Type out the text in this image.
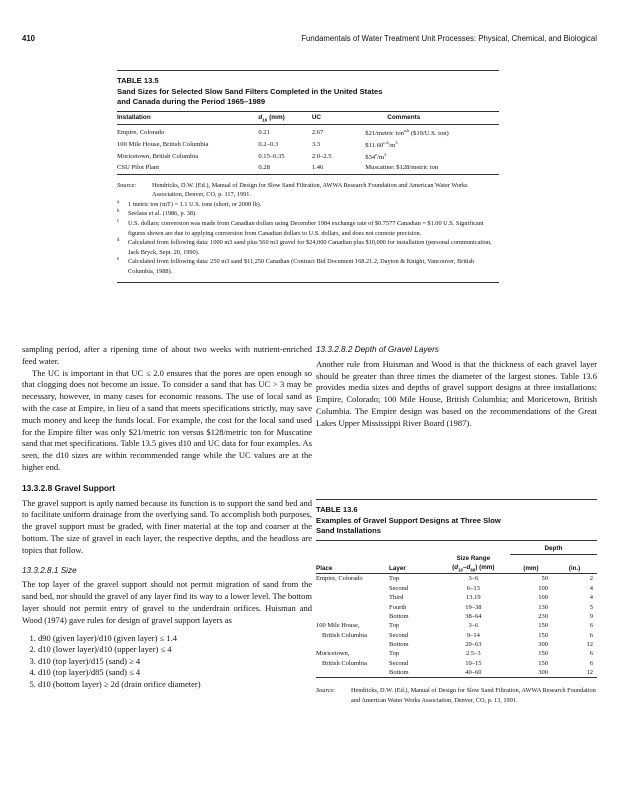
410	Fundamentals of Water Treatment Unit Processes: Physical, Chemical, and Biological
TABLE 13.5
Sand Sizes for Selected Slow Sand Filters Completed in the United States
and Canada during the Period 1965–1989
Installation	$d_{10}$ (mm)	UC	Comments
Empire, Colorado	0.21	2.67	$21/metric ton$^{a,b}$ ($19/U.S. ton)
100 Mile House, British Columbia	0.2–0.3	3.3	$\$11.60^{c,d}/m^3$
Moricetown, British Columbia	0.15–0.35	2.0–2.5	$\$34e/m^3$
CSU Pilot Plant	0.28	1.46	Muscatine: $128/metric ton
Source:	Hendricks, D.W. (Ed.), Manual of Design for Slow Sand Filtration, AWWA Research Foundation and American Water Works Association, Denver, CO, p. 117, 1991.
a 1 metric ton (mT) = 1.1 U.S. tons (short, or 2000 lb).
b Seelaus et al. (1986, p. 38).
c U.S. dollars; conversion was made from Canadian dollars using December 1984 exchange rate of $0.7577 Canadian = $1.00 U.S. Significant figures shown are due to applying conversion from Canadian dollars to U.S. dollars, and does not connote precision.
d Calculated from following data: 1000 m3 sand plus 560 m3 gravel for $24,000 Canadian plus $10,000 for installation (personal communication, Jack Bryck, Sept. 20, 1990).
e Calculated from following data: 250 m3 sand $11,250 Canadian (Contract Bid Document 168.21.2, Dayton & Knight, Vancouver, British Columbia, 1988).

sampling period, after a ripening time of about two weeks with nutrient-enriched feed water.

The UC is important in that UC ≤ 2.0 ensures that the pores are open enough so that clogging does not become an issue. To consider a sand that has UC > 3 may be necessary, however, in many cases for economic reasons. The use of local sand as with the case at Empire, in lieu of a sand that meets specifications strictly, may save much money and keep the funds local. For example, the cost for the local sand used for the Empire filter was only $21/metric ton versus $128/metric ton for Muscatine sand that met specifications. Table 13.5 gives d10 and UC data for four examples. As seen, the d10 sizes are within recommended range while the UC values are at the higher end.

13.3.2.8 Gravel Support

The gravel support is aptly named because its function is to support the sand bed and to facilitate uniform drainage from the overlying sand. To accomplish both purposes, the gravel support must be graded, with finer material at the top and coarser at the bottom. The size of gravel in each layer, the respective depths, and the headloss are topics that follow.

13.3.2.8.1 Size

The top layer of the gravel support should not permit migration of sand from the sand bed, nor should the gravel of any layer find its way to a lower level. The bottom layer should not permit entry of gravel to the underdrain orifices. Huisman and Wood (1974) gave rules for design of gravel support layers as

1. d90 (given layer)/d10 (given layer) ≤ 1.4
2. d10 (lower layer)/d10 (upper layer) ≤ 4
3. d10 (top layer)/d15 (sand) ≥ 4
4. d10 (top layer)/d85 (sand) ≤ 4
5. d10 (bottom layer) ≥ 2d (drain orifice diameter)
13.3.2.8.2 Depth of Gravel Layers

Another rule from Huisman and Wood is that the thickness of each gravel layer should be greater than three times the diameter of the largest stones. Table 13.6 provides media sizes and depths of gravel support designs at three installations: Empire, Colorado; 100 Mile House, British Columbia; and Moricetown, British Columbia. The Empire design was based on the recommendations of the Great Lakes Upper Mississippi River Board (1987).

TABLE 13.6
Examples of Gravel Support Designs at Three Slow
Sand Installations
			Depth	
		Size Range		
Place	Layer	$(d_{10}-d_{60})$ (mm)	(mm)	(in.)
Empire, Colorado	Top	3–6	50	2
	Second	6–13	100	4
	Third	13.19	100	4
	Fourth	19–38	130	5
	Bottom	38–64	230	9
100 Mile House,	Top	3–6	150	6
British Columbia	Second	9–14	150	6
	Bottom	20–63	300	12
Moricetown,	Top	2.5–3	150	6
British Columbia	Second	10–15	150	6
	Bottom	40–60	300	12
Source:	Hendricks, D.W. (Ed.), Manual of Design for Slow Sand Filtration, AWWA Research Foundation and American Water Works Association, Denver, CO, p. 13, 1991.
